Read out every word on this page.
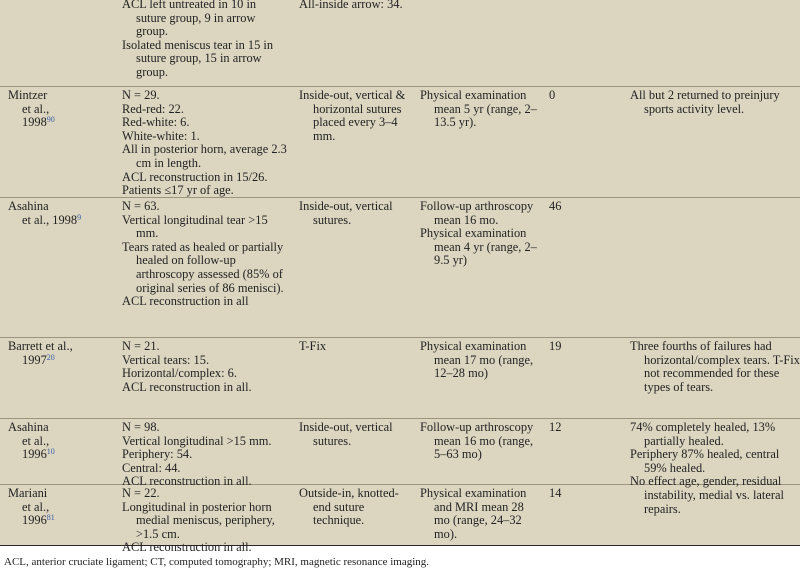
ACL left untreated in 10 in suture group, 9 in arrow group.

Isolated meniscus tear in 15 in suture group, 15 in arrow group.

All-inside arrow: 34.

Mintzer

et al.,

1998$^{90}$

N = 29.

Red-red: 22.

Red-white: 6.

White-white: 1.

All in posterior horn, average 2.3 cm in length.

ACL reconstruction in 15/26.

Patients ≤17 yr of age.

Inside-out, vertical & horizontal sutures placed every 3–4 mm.

Physical examination mean 5 yr (range, 2–13.5 yr).

All but 2 returned to preinjury sports activity level.

0

Asahina

et al., 1998$^9$

N = 63.

Vertical longitudinal tear >15 mm.

Tears rated as healed or partially healed on follow-up arthroscopy assessed (85% of original series of 86 menisci).

ACL reconstruction in all

Inside-out, vertical sutures.

Follow-up arthroscopy mean 16 mo.

Physical examination mean 4 yr (range, 2–9.5 yr)

46

Barrett et al.,

1997$^{20}$

N = 21.

Vertical tears: 15.

Horizontal/complex: 6.

ACL reconstruction in all.

T-Fix	Physical examination mean 17 mo (range, 12–28 mo)

Three fourths of failures had horizontal/complex tears. T-Fix not recommended for these types of tears.

19

Asahina

et al.,

1996$^{10}$

N = 98.

Vertical longitudinal >15 mm.

Periphery: 54.

Central: 44.

ACL reconstruction in all.

Inside-out, vertical sutures.

Follow-up arthroscopy mean 16 mo (range, 5–63 mo)

74% completely healed, 13% partially healed.

Periphery 87% healed, central 59% healed.

No effect age, gender, residual instability, medial vs. lateral repairs.

12

Mariani

et al.,

1996$^{81}$

N = 22.

Longitudinal in posterior horn medial meniscus, periphery, >1.5 cm.

ACL reconstruction in all.

Outside-in, knotted-end suture technique.

Physical examination and MRI mean 28 mo (range, 24–32 mo).

14
ACL, anterior cruciate ligament; CT, computed tomography; MRI, magnetic resonance imaging.
